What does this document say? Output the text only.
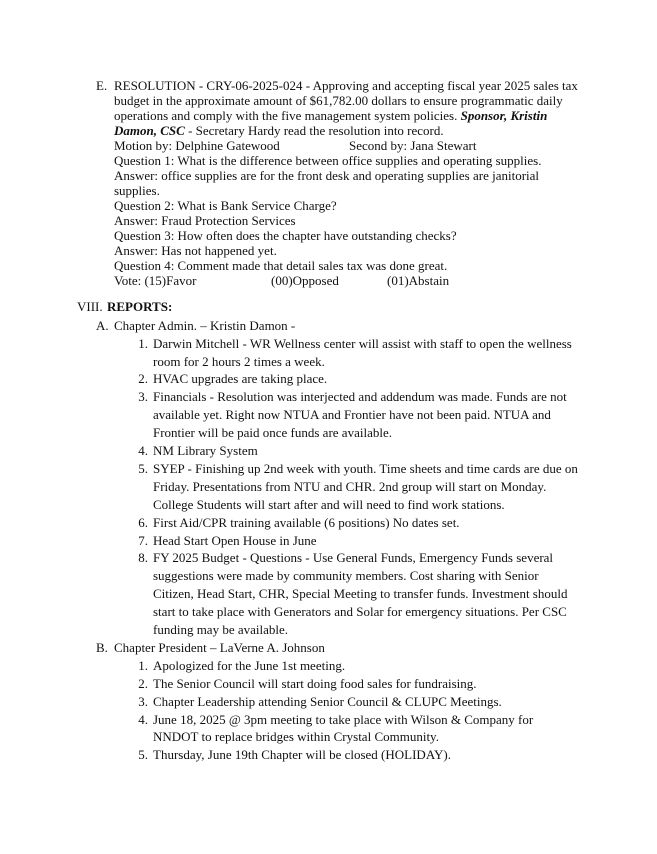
E. RESOLUTION - CRY-06-2025-024 - Approving and accepting fiscal year 2025 sales tax
budget in the approximate amount of $61,782.00 dollars to ensure programmatic daily
operations and comply with the five management system policies. Sponsor, Kristin
Damon, CSC - Secretary Hardy read the resolution into record.
Motion by: Delphine Gatewood	Second by: Jana Stewart
Question 1: What is the difference between office supplies and operating supplies.
Answer: office supplies are for the front desk and operating supplies are janitorial
supplies.
Question 2: What is Bank Service Charge?
Answer: Fraud Protection Services
Question 3: How often does the chapter have outstanding checks?
Answer: Has not happened yet.
Question 4: Comment made that detail sales tax was done great.
Vote: (15)Favor	(00)Opposed	(01)Abstain
VIII. REPORTS:
A. Chapter Admin. – Kristin Damon -
1. Darwin Mitchell - WR Wellness center will assist with staff to open the wellness
room for 2 hours 2 times a week.
2. HVAC upgrades are taking place.
3. Financials - Resolution was interjected and addendum was made. Funds are not
available yet. Right now NTUA and Frontier have not been paid. NTUA and
Frontier will be paid once funds are available.
4. NM Library System
5. SYEP - Finishing up 2nd week with youth. Time sheets and time cards are due on
Friday. Presentations from NTU and CHR. 2nd group will start on Monday.
College Students will start after and will need to find work stations.
6. First Aid/CPR training available (6 positions) No dates set.
7. Head Start Open House in June
8. FY 2025 Budget - Questions - Use General Funds, Emergency Funds several
suggestions were made by community members. Cost sharing with Senior
Citizen, Head Start, CHR, Special Meeting to transfer funds. Investment should
start to take place with Generators and Solar for emergency situations. Per CSC
funding may be available.
B. Chapter President – LaVerne A. Johnson
1. Apologized for the June 1st meeting.
2. The Senior Council will start doing food sales for fundraising.
3. Chapter Leadership attending Senior Council & CLUPC Meetings.
4. June 18, 2025 @ 3pm meeting to take place with Wilson & Company for
NNDOT to replace bridges within Crystal Community.
5. Thursday, June 19th Chapter will be closed (HOLIDAY).
